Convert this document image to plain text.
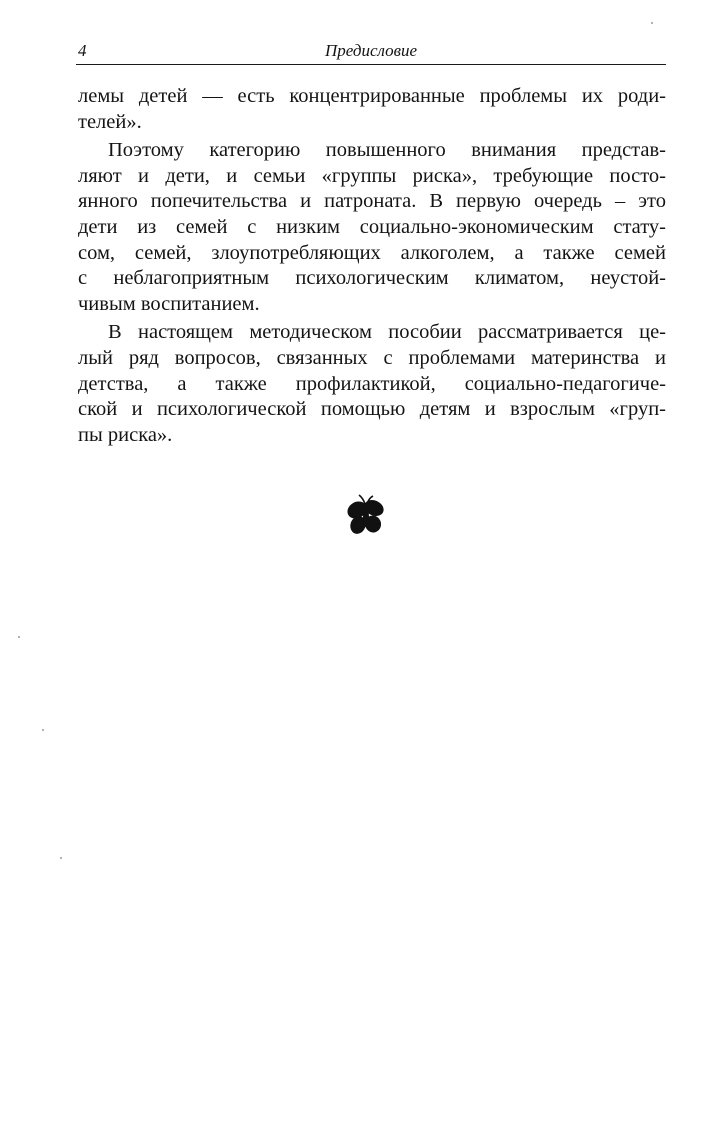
4	Предисловие
лемы детей — есть концентрированные проблемы их роди-
телей».
Поэтому категорию повышенного внимания представ-
ляют и дети, и семьи «группы риска», требующие посто-
янного попечительства и патроната. В первую очередь – это
дети из семей с низким социально-экономическим стату-
сом, семей, злоупотребляющих алкоголем, а также семей
с неблагоприятным психологическим климатом, неустой-
чивым воспитанием.
В настоящем методическом пособии рассматривается це-
лый ряд вопросов, связанных с проблемами материнства и
детства, а также профилактикой, социально-педагогиче-
ской и психологической помощью детям и взрослым «груп-
пы риска».
